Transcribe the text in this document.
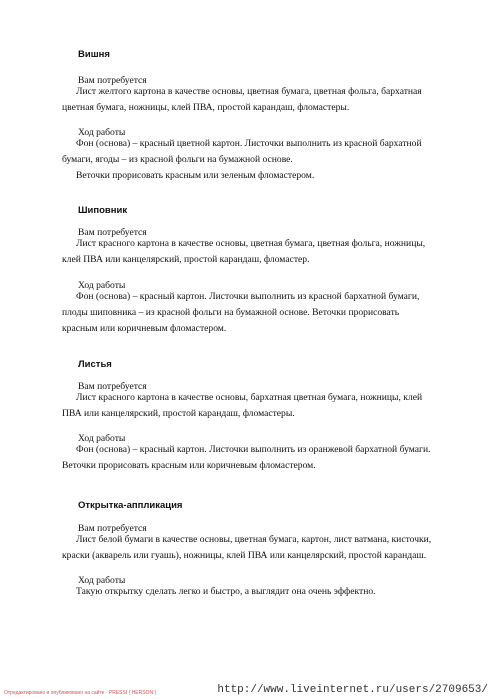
Вишня
Вам потребуется
Лист желтого картона в качестве основы, цветная бумага, цветная фольга, бархатная
цветная бумага, ножницы, клей ПВА, простой карандаш, фломастеры.
Ход работы
Фон (основа) – красный цветной картон. Листочки выполнить из красной бархатной
бумаги, ягоды – из красной фольги на бумажной основе.
Веточки прорисовать красным или зеленым фломастером.
Шиповник
Вам потребуется
Лист красного картона в качестве основы, цветная бумага, цветная фольга, ножницы,
клей ПВА или канцелярский, простой карандаш, фломастер.
Ход работы
Фон (основа) – красный картон. Листочки выполнить из красной бархатной бумаги,
плоды шиповника – из красной фольги на бумажной основе. Веточки прорисовать
красным или коричневым фломастером.
Листья
Вам потребуется
Лист красного картона в качестве основы, бархатная цветная бумага, ножницы, клей
ПВА или канцелярский, простой карандаш, фломастеры.
Ход работы
Фон (основа) – красный картон. Листочки выполнить из оранжевой бархатной бумаги.
Веточки прорисовать красным или коричневым фломастером.
Открытка-аппликация
Вам потребуется
Лист белой бумаги в качестве основы, цветная бумага, картон, лист ватмана, кисточки,
краски (акварель или гуашь), ножницы, клей ПВА или канцелярский, простой карандаш.
Ход работы
Такую открытку сделать легко и быстро, а выглядит она очень эффектно.
Отредактировано и опубликовано на сайте · PRESSI ( HERSON )	http://www.liveinternet.ru/users/2709653/
